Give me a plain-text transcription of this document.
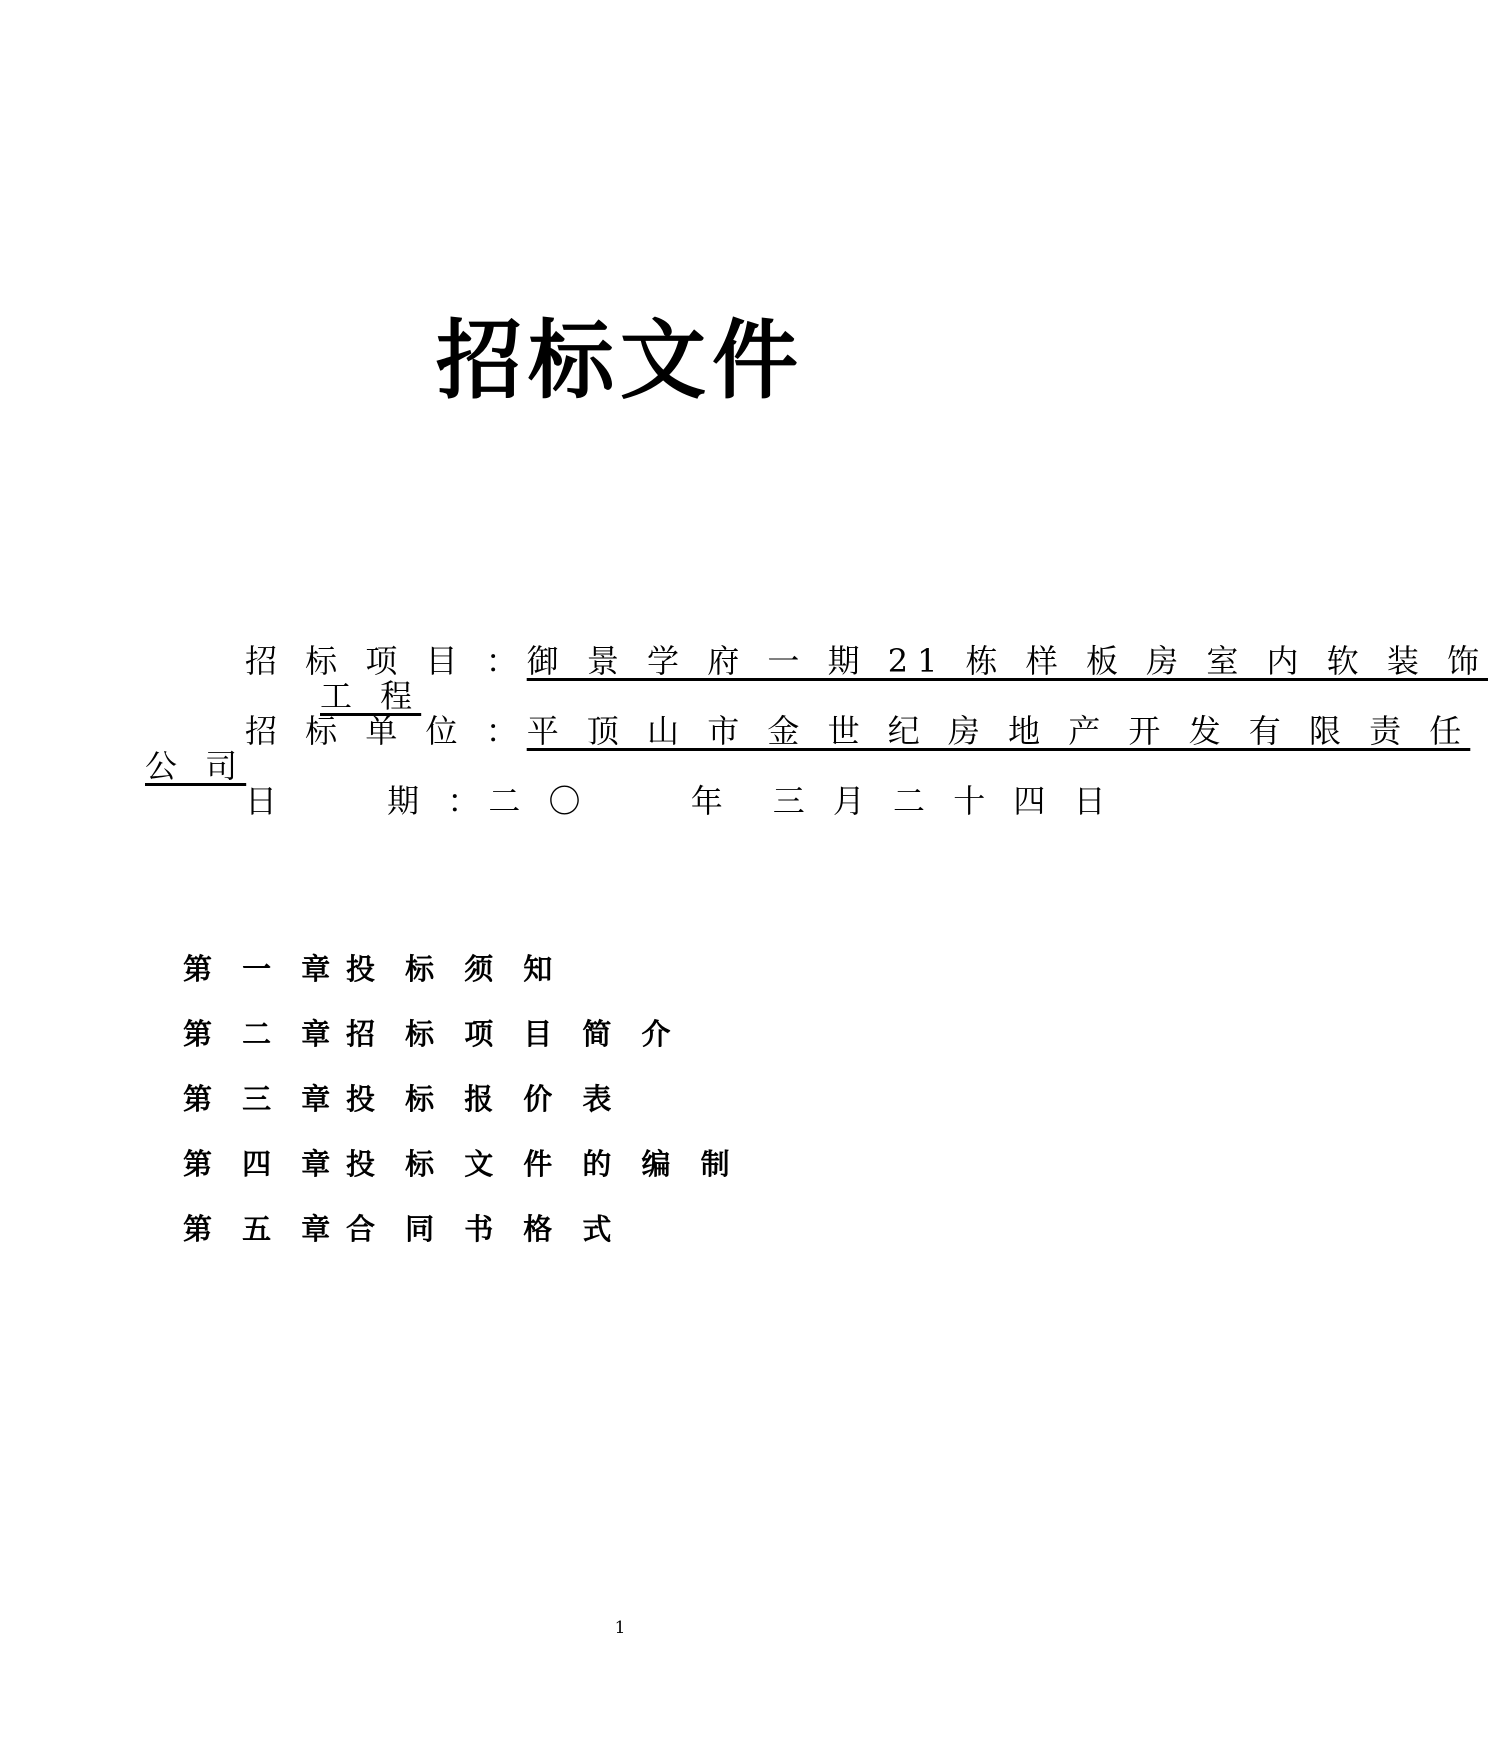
招标文件
招 标 项 目 ：御 景 学 府 一 期 21 栋 样 板 房 室 内 软 装 饰
工 程
招 标 单 位 ：平 顶 山 市 金 世 纪 房 地 产 开 发 有 限 责 任
公 司
日　　 期 ：二 〇　　 年　三 月 二 十 四 日
第 一 章 投 标 须 知
第 二 章 招 标 项 目 简 介
第 三 章 投 标 报 价 表
第 四 章 投 标 文 件 的 编 制
第 五 章 合 同 书 格 式
1
